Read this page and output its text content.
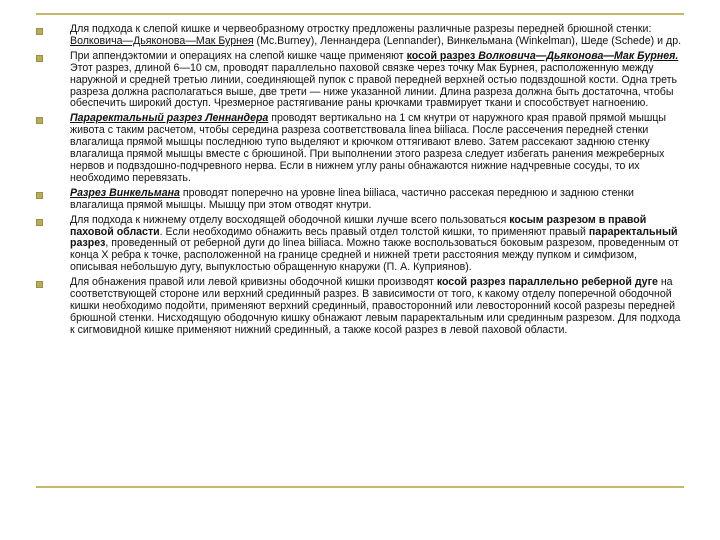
Для подхода к слепой кишке и червеобразному отростку предложены различные разрезы передней брюшной стенки: Волковича—Дьяконова—Мак Бурнея (Mc.Burney), Леннандера (Lennander), Винкельмана (Winkelman), Шеде (Schede) и др.
При аппендэктомии и операциях на слепой кишке чаще применяют косой разрез Волковича—Дьяконова—Мак Бурнея. Этот разрез, длиной 6—10 см, проводят параллельно паховой связке через точку Мак Бурнея, расположенную между наружной и средней третью линии, соединяющей пупок с правой передней верхней остью подвздошной кости. Одна треть разреза должна располагаться выше, две трети — ниже указанной линии. Длина разреза должна быть достаточна, чтобы обеспечить широкий доступ. Чрезмерное растягивание раны крючками травмирует ткани и способствует нагноению.
Параректальный разрез Леннандера проводят вертикально на 1 см кнутри от наружного края правой прямой мышцы живота с таким расчетом, чтобы середина разреза соответствовала linea biiliaca. После рассечения передней стенки влагалища прямой мышцы последнюю тупо выделяют и крючком оттягивают влево. Затем рассекают заднюю стенку влагалища прямой мышцы вместе с брюшиной. При выполнении этого разреза следует избегать ранения межреберных нервов и подвздошно-подчревного нерва. Если в нижнем углу раны обнажаются нижние надчревные сосуды, то их необходимо перевязать.
Разрез Винкельмана проводят поперечно на уровне linea biiliaca, частично рассекая переднюю и заднюю стенки влагалища прямой мышцы. Мышцу при этом отводят кнутри.
Для подхода к нижнему отделу восходящей ободочной кишки лучше всего пользоваться косым разрезом в правой паховой области. Если необходимо обнажить весь правый отдел толстой кишки, то применяют правый параректальный разрез, проведенный от реберной дуги до linea biiliaca. Можно также воспользоваться боковым разрезом, проведенным от конца X ребра к точке, расположенной на границе средней и нижней трети расстояния между пупком и симфизом, описывая небольшую дугу, выпуклостью обращенную кнаружи (П. А. Куприянов).
Для обнажения правой или левой кривизны ободочной кишки производят косой разрез параллельно реберной дуге на соответствующей стороне или верхний срединный разрез. В зависимости от того, к какому отделу поперечной ободочной кишки необходимо подойти, применяют верхний срединный, правосторонний или левосторонний косой разрезы передней брюшной стенки. Нисходящую ободочную кишку обнажают левым параректальным или срединным разрезом. Для подхода к сигмовидной кишке применяют нижний срединный, а также косой разрез в левой паховой области.
